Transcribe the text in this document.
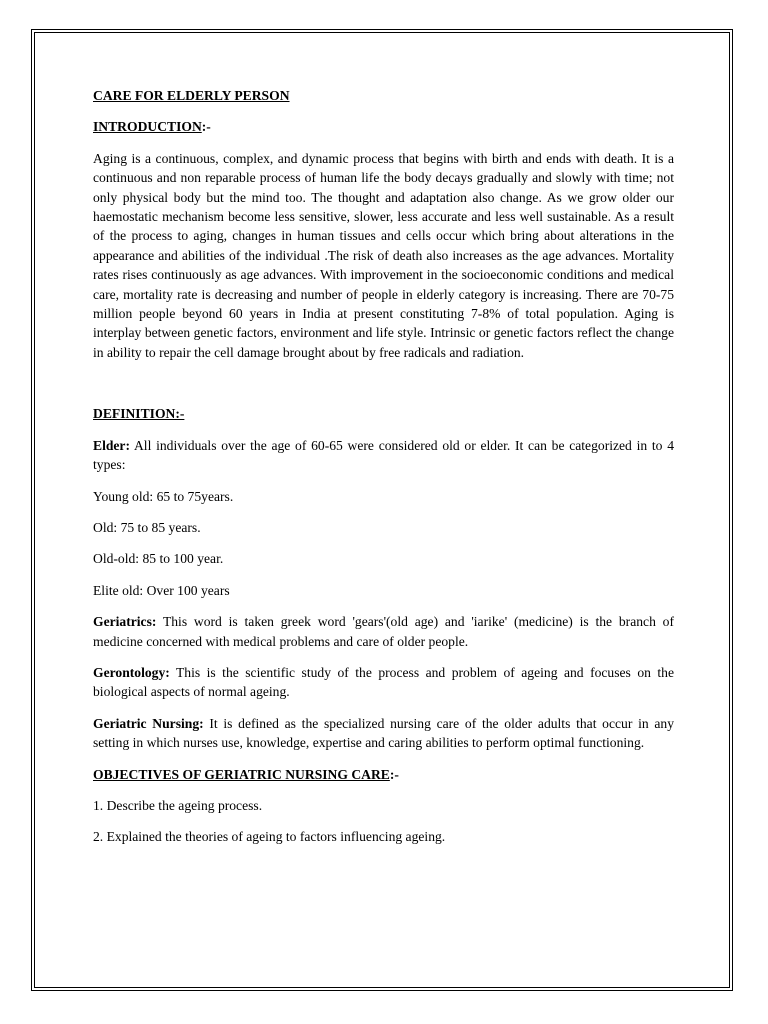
CARE FOR ELDERLY PERSON

INTRODUCTION:-

Aging is a continuous, complex, and dynamic process that begins with birth and ends with death. It is a continuous and non reparable process of human life the body decays gradually and slowly with time; not only physical body but the mind too. The thought and adaptation also change. As we grow older our haemostatic mechanism become less sensitive, slower, less accurate and less well sustainable. As a result of the process to aging, changes in human tissues and cells occur which bring about alterations in the appearance and abilities of the individual .The risk of death also increases as the age advances. Mortality rates rises continuously as age advances. With improvement in the socioeconomic conditions and medical care, mortality rate is decreasing and number of people in elderly category is increasing. There are 70-75 million people beyond 60 years in India at present constituting 7-8% of total population. Aging is interplay between genetic factors, environment and life style. Intrinsic or genetic factors reflect the change in ability to repair the cell damage brought about by free radicals and radiation.

DEFINITION:-

Elder: All individuals over the age of 60-65 were considered old or elder. It can be categorized in to 4 types:

Young old: 65 to 75years.

Old: 75 to 85 years.

Old-old: 85 to 100 year.

Elite old: Over 100 years

Geriatrics: This word is taken greek word 'gears'(old age) and 'iarike' (medicine) is the branch of medicine concerned with medical problems and care of older people.

Gerontology: This is the scientific study of the process and problem of ageing and focuses on the biological aspects of normal ageing.

Geriatric Nursing: It is defined as the specialized nursing care of the older adults that occur in any setting in which nurses use, knowledge, expertise and caring abilities to perform optimal functioning.

OBJECTIVES OF GERIATRIC NURSING CARE:-

1. Describe the ageing process.

2. Explained the theories of ageing to factors influencing ageing.
